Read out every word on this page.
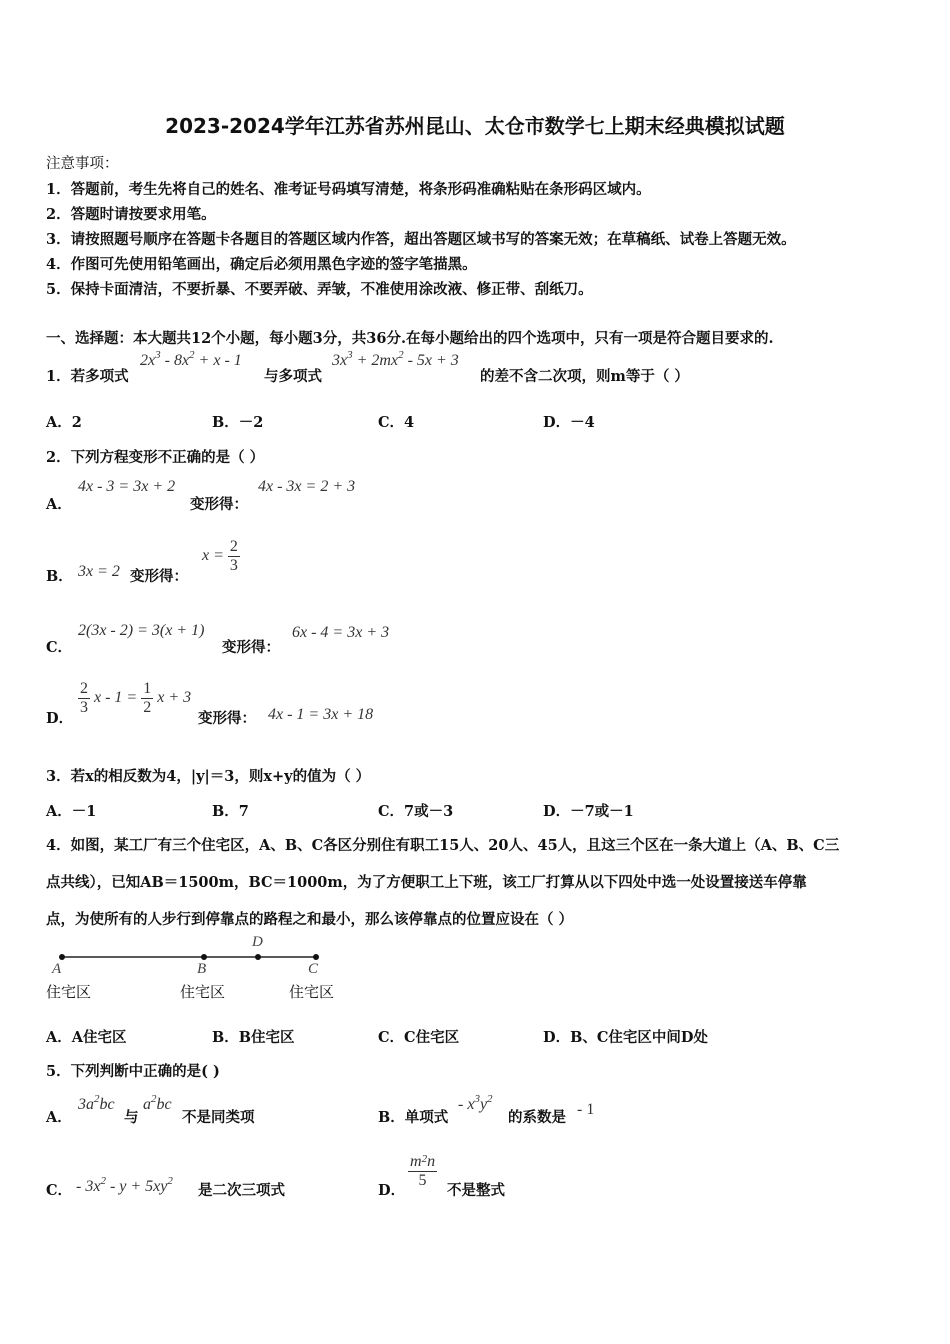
2023-2024学年江苏省苏州昆山、太仓市数学七上期末经典模拟试题
注意事项：
1．答题前，考生先将自己的姓名、准考证号码填写清楚，将条形码准确粘贴在条形码区域内。
2．答题时请按要求用笔。
3．请按照题号顺序在答题卡各题目的答题区域内作答，超出答题区域书写的答案无效；在草稿纸、试卷上答题无效。
4．作图可先使用铅笔画出，确定后必须用黑色字迹的签字笔描黑。
5．保持卡面清洁，不要折暴、不要弄破、弄皱，不准使用涂改液、修正带、刮纸刀。
一、选择题：本大题共12个小题，每小题3分，共36分.在每小题给出的四个选项中，只有一项是符合题目要求的.
1．若多项式
$2x^3 - 8x^2 + x - 1$
与多项式
$3x^3 + 2mx^2 - 5x + 3$
的差不含二次项，则m等于（ ）
A．2	B．－2	C．4	D．－4
2．下列方程变形不正确的是（ ）
A．
4x - 3 = 3x + 2
变形得：
4x - 3x = 2 + 3
B． 3x = 2 变形得：
$x = \frac{2}{3}$
C．
2(3x - 2) = 3(x + 1)
变形得：
6x - 4 = 3x + 3
D．
$\frac{2}{3}$ $x - 1 = \frac{1}{2}$ x + 3
变形得： 4x - 1 = 3x + 18
3．若x的相反数为4，|y|＝3，则x+y的值为（ ）
A．－1	B．7	C．7或－3	D．－7或－1
4．如图，某工厂有三个住宅区，A、B、C各区分别住有职工15人、20人、45人，且这三个区在一条大道上（A、B、C三
点共线），已知AB＝1500m，BC＝1000m，为了方便职工上下班，该工厂打算从以下四处中选一处设置接送车停靠
点，为使所有的人步行到停靠点的路程之和最小，那么该停靠点的位置应设在（ ）
A	B
D
C
住宅区	住宅区	住宅区
A．A住宅区	B．B住宅区	C．C住宅区	D．B、C住宅区中间D处
5．下列判断中正确的是( )
A．
$3a^2bc$
与
$a^2bc$
不是同类项	B．单项式
- $x^3y^2$
的系数是 - 1
C． - $3x^2 - y + 5xy^2$
是二次三项式	D．
$\frac{m^2n}{5}$
不是整式
